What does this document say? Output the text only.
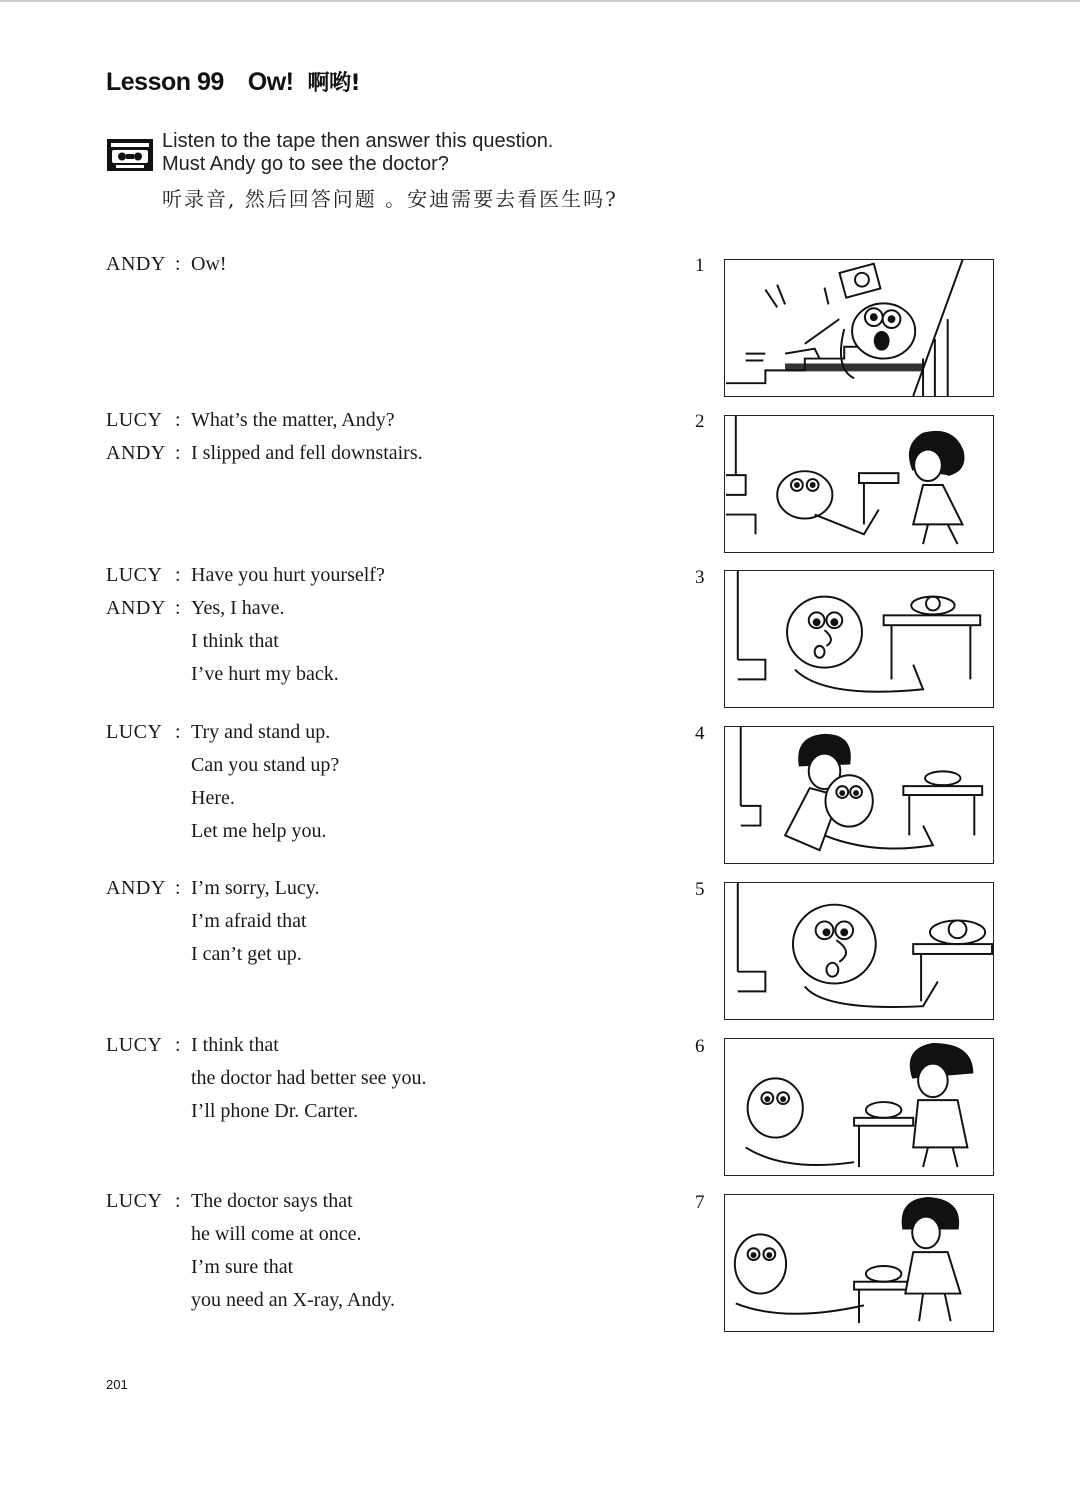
Lesson 99 Ow! 啊哟!
Listen to the tape then answer this question.
Must Andy go to see the doctor?
听录音, 然后回答问题 。安迪需要去看医生吗?
ANDY : Ow!
LUCY : What’s the matter, Andy?
ANDY : I slipped and fell downstairs.
LUCY : Have you hurt yourself?
ANDY : Yes, I have.
I think that
I’ve hurt my back.
LUCY : Try and stand up.
Can you stand up?
Here.
Let me help you.
ANDY : I’m sorry, Lucy.
I’m afraid that
I can’t get up.
LUCY : I think that
the doctor had better see you.
I’ll phone Dr. Carter.
LUCY : The doctor says that
he will come at once.
I’m sure that
you need an X-ray, Andy.
1
2
3
4
5
6
7
201
